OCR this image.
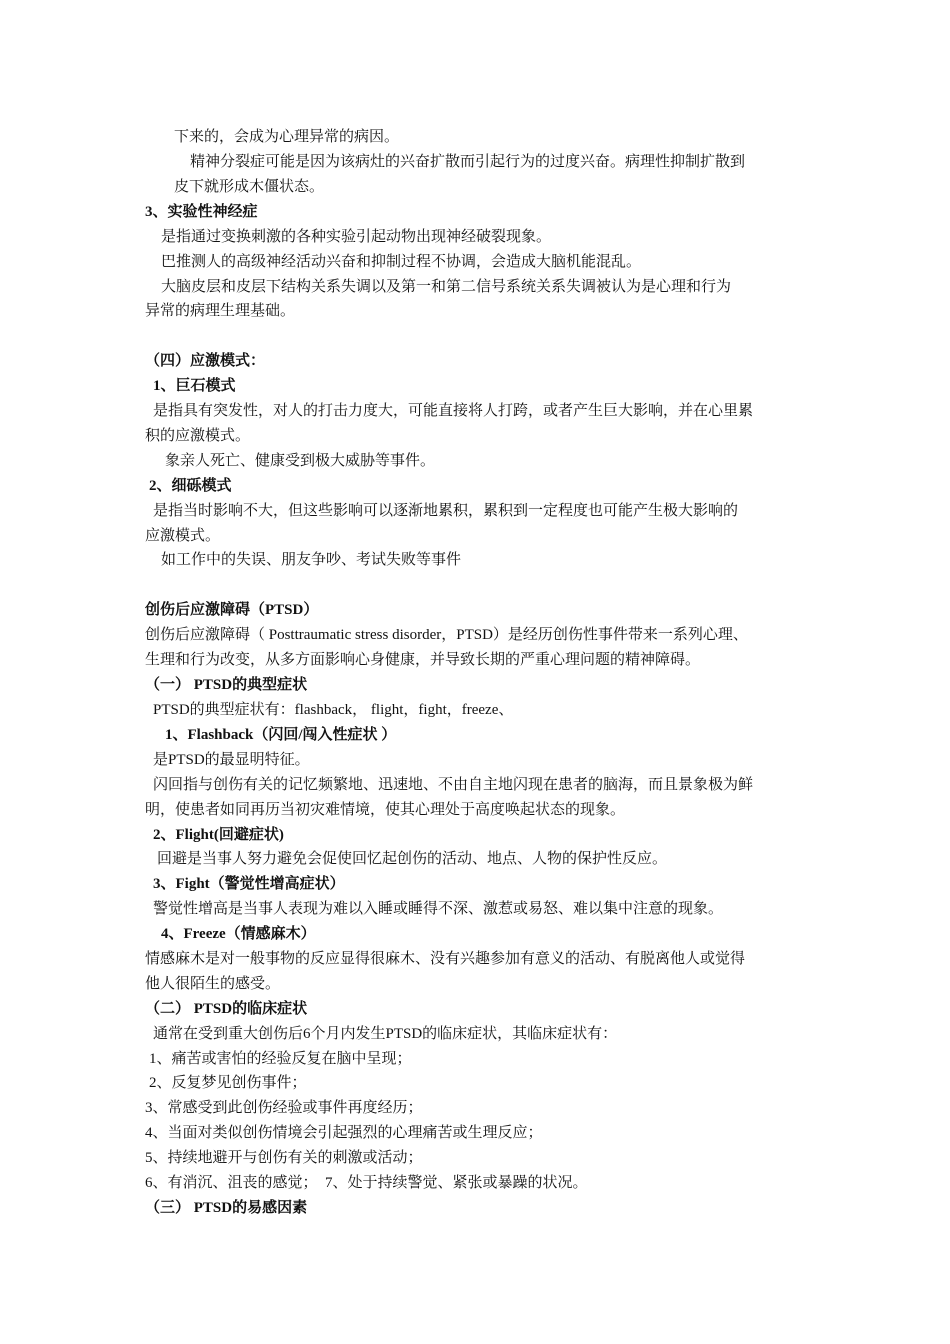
下来的，会成为心理异常的病因。
精神分裂症可能是因为该病灶的兴奋扩散而引起行为的过度兴奋。病理性抑制扩散到
皮下就形成木僵状态。
3、实验性神经症
是指通过变换刺激的各种实验引起动物出现神经破裂现象。
巴推测人的高级神经活动兴奋和抑制过程不协调，会造成大脑机能混乱。
大脑皮层和皮层下结构关系失调以及第一和第二信号系统关系失调被认为是心理和行为
异常的病理生理基础。
（四）应激模式：
1、巨石模式
是指具有突发性，对人的打击力度大，可能直接将人打跨，或者产生巨大影响，并在心里累
积的应激模式。
象亲人死亡、健康受到极大威胁等事件。
2、细砾模式
是指当时影响不大，但这些影响可以逐渐地累积，累积到一定程度也可能产生极大影响的
应激模式。
如工作中的失误、朋友争吵、考试失败等事件
创伤后应激障碍（PTSD）
创伤后应激障碍（ Posttraumatic stress disorder，PTSD）是经历创伤性事件带来一系列心理、
生理和行为改变，从多方面影响心身健康，并导致长期的严重心理问题的精神障碍。
（一） PTSD的典型症状
PTSD的典型症状有：flashback， flight，fight，freeze、
1、Flashback（闪回/闯入性症状 ）
是PTSD的最显明特征。
闪回指与创伤有关的记忆频繁地、迅速地、不由自主地闪现在患者的脑海，而且景象极为鲜
明，使患者如同再历当初灾难情境，使其心理处于高度唤起状态的现象。
2、Flight(回避症状)
回避是当事人努力避免会促使回忆起创伤的活动、地点、人物的保护性反应。
3、Fight（警觉性增高症状）
警觉性增高是当事人表现为难以入睡或睡得不深、激惹或易怒、难以集中注意的现象。
4、Freeze（情感麻木）
情感麻木是对一般事物的反应显得很麻木、没有兴趣参加有意义的活动、有脱离他人或觉得
他人很陌生的感受。
（二） PTSD的临床症状
通常在受到重大创伤后6个月内发生PTSD的临床症状，其临床症状有：
1、痛苦或害怕的经验反复在脑中呈现；
2、反复梦见创伤事件；
3、常感受到此创伤经验或事件再度经历；
4、当面对类似创伤情境会引起强烈的心理痛苦或生理反应；
5、持续地避开与创伤有关的刺激或活动；
6、有消沉、沮丧的感觉；　7、处于持续警觉、紧张或暴躁的状况。
（三） PTSD的易感因素
